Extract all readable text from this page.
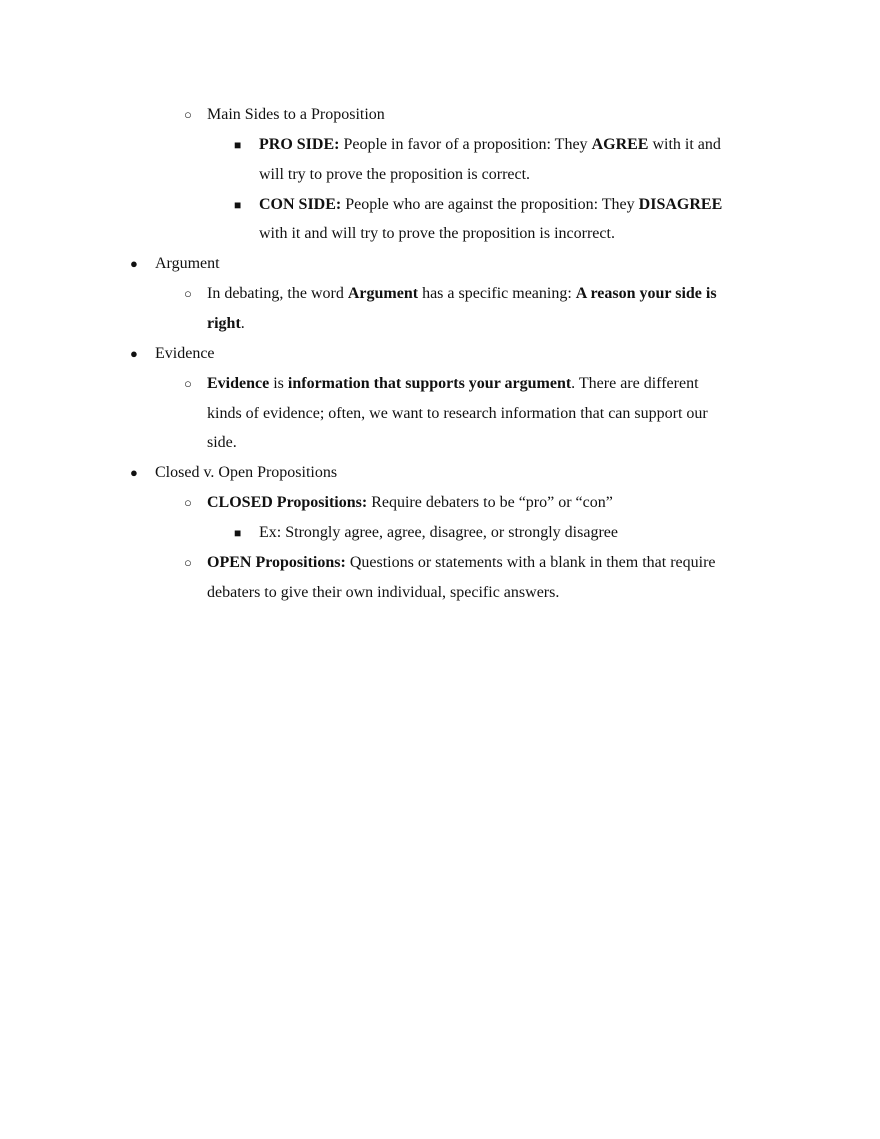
○ Main Sides to a Proposition
■ PRO SIDE: People in favor of a proposition: They AGREE with it and
will try to prove the proposition is correct.
■ CON SIDE: People who are against the proposition: They DISAGREE
with it and will try to prove the proposition is incorrect.
● Argument
○ In debating, the word Argument has a specific meaning: A reason your side is
right.
● Evidence
○ Evidence is information that supports your argument. There are different
kinds of evidence; often, we want to research information that can support our
side.
● Closed v. Open Propositions
○ CLOSED Propositions: Require debaters to be “pro” or “con”
■ Ex: Strongly agree, agree, disagree, or strongly disagree
○ OPEN Propositions: Questions or statements with a blank in them that require
debaters to give their own individual, specific answers.
